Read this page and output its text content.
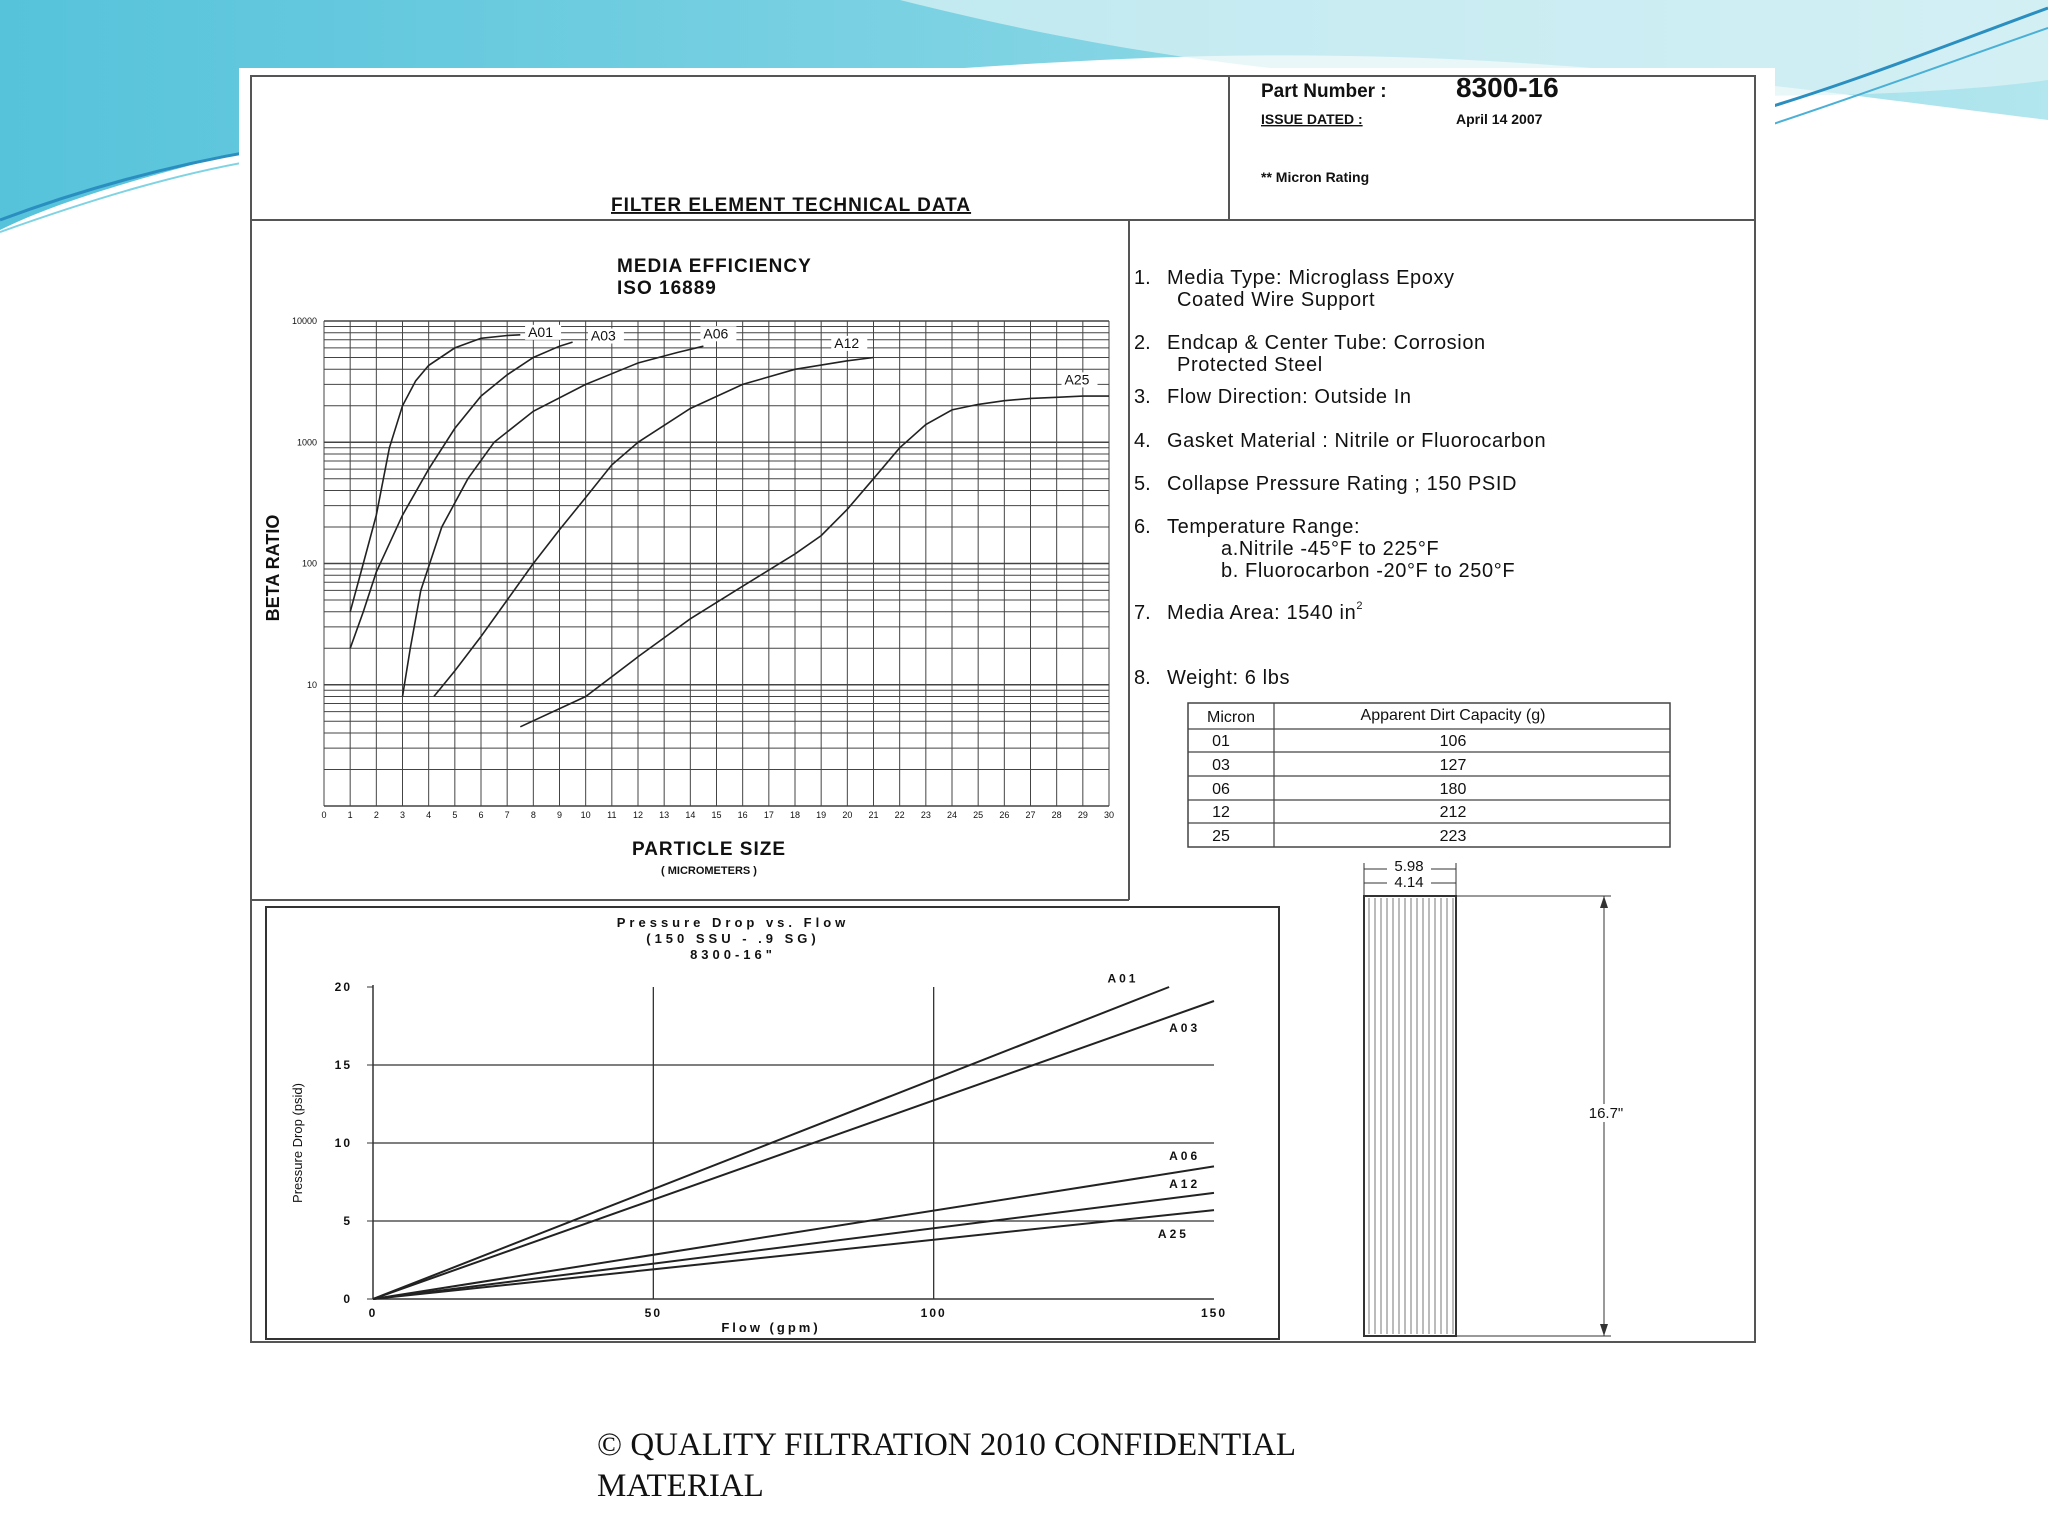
Part Number : 8300-16
ISSUE DATED :	April 14 2007
** Micron Rating
FILTER ELEMENT TECHNICAL DATA
MEDIA EFFICIENCY
ISO 16889
10
100
1000
10000
0 1 2 3 4 5 6 7 8 9 10 11 12 13 14 15 16 17 18 19 20 21 22 23 24 25 26 27 28 29 30
A01	A03	A06
A12
A25
BETA RATIO
PARTICLE SIZE
( MICROMETERS )
1. Media Type: Microglass Epoxy
Coated Wire Support
2. Endcap & Center Tube: Corrosion
Protected Steel
3. Flow Direction: Outside In
4. Gasket Material : Nitrile or Fluorocarbon
5. Collapse Pressure Rating ; 150 PSID
6. Temperature Range:
a.Nitrile -45°F to 225°F
b. Fluorocarbon -20°F to 250°F
7. Media Area: 1540 $in^2$
8. Weight: 6 lbs
Micron	Apparent Dirt Capacity (g)
01	106
03	127
06	180
12	212
25	223
5.98
4.14
16.7"
Pressure Drop vs. Flow
(150 SSU - .9 SG)
8300-16"
0
5
10
15
20
0	50	100	150
A01
A03
A06
A12
A25
Pressure Drop (psid)
Flow (gpm)
© QUALITY FILTRATION 2010 CONFIDENTIAL
MATERIAL
